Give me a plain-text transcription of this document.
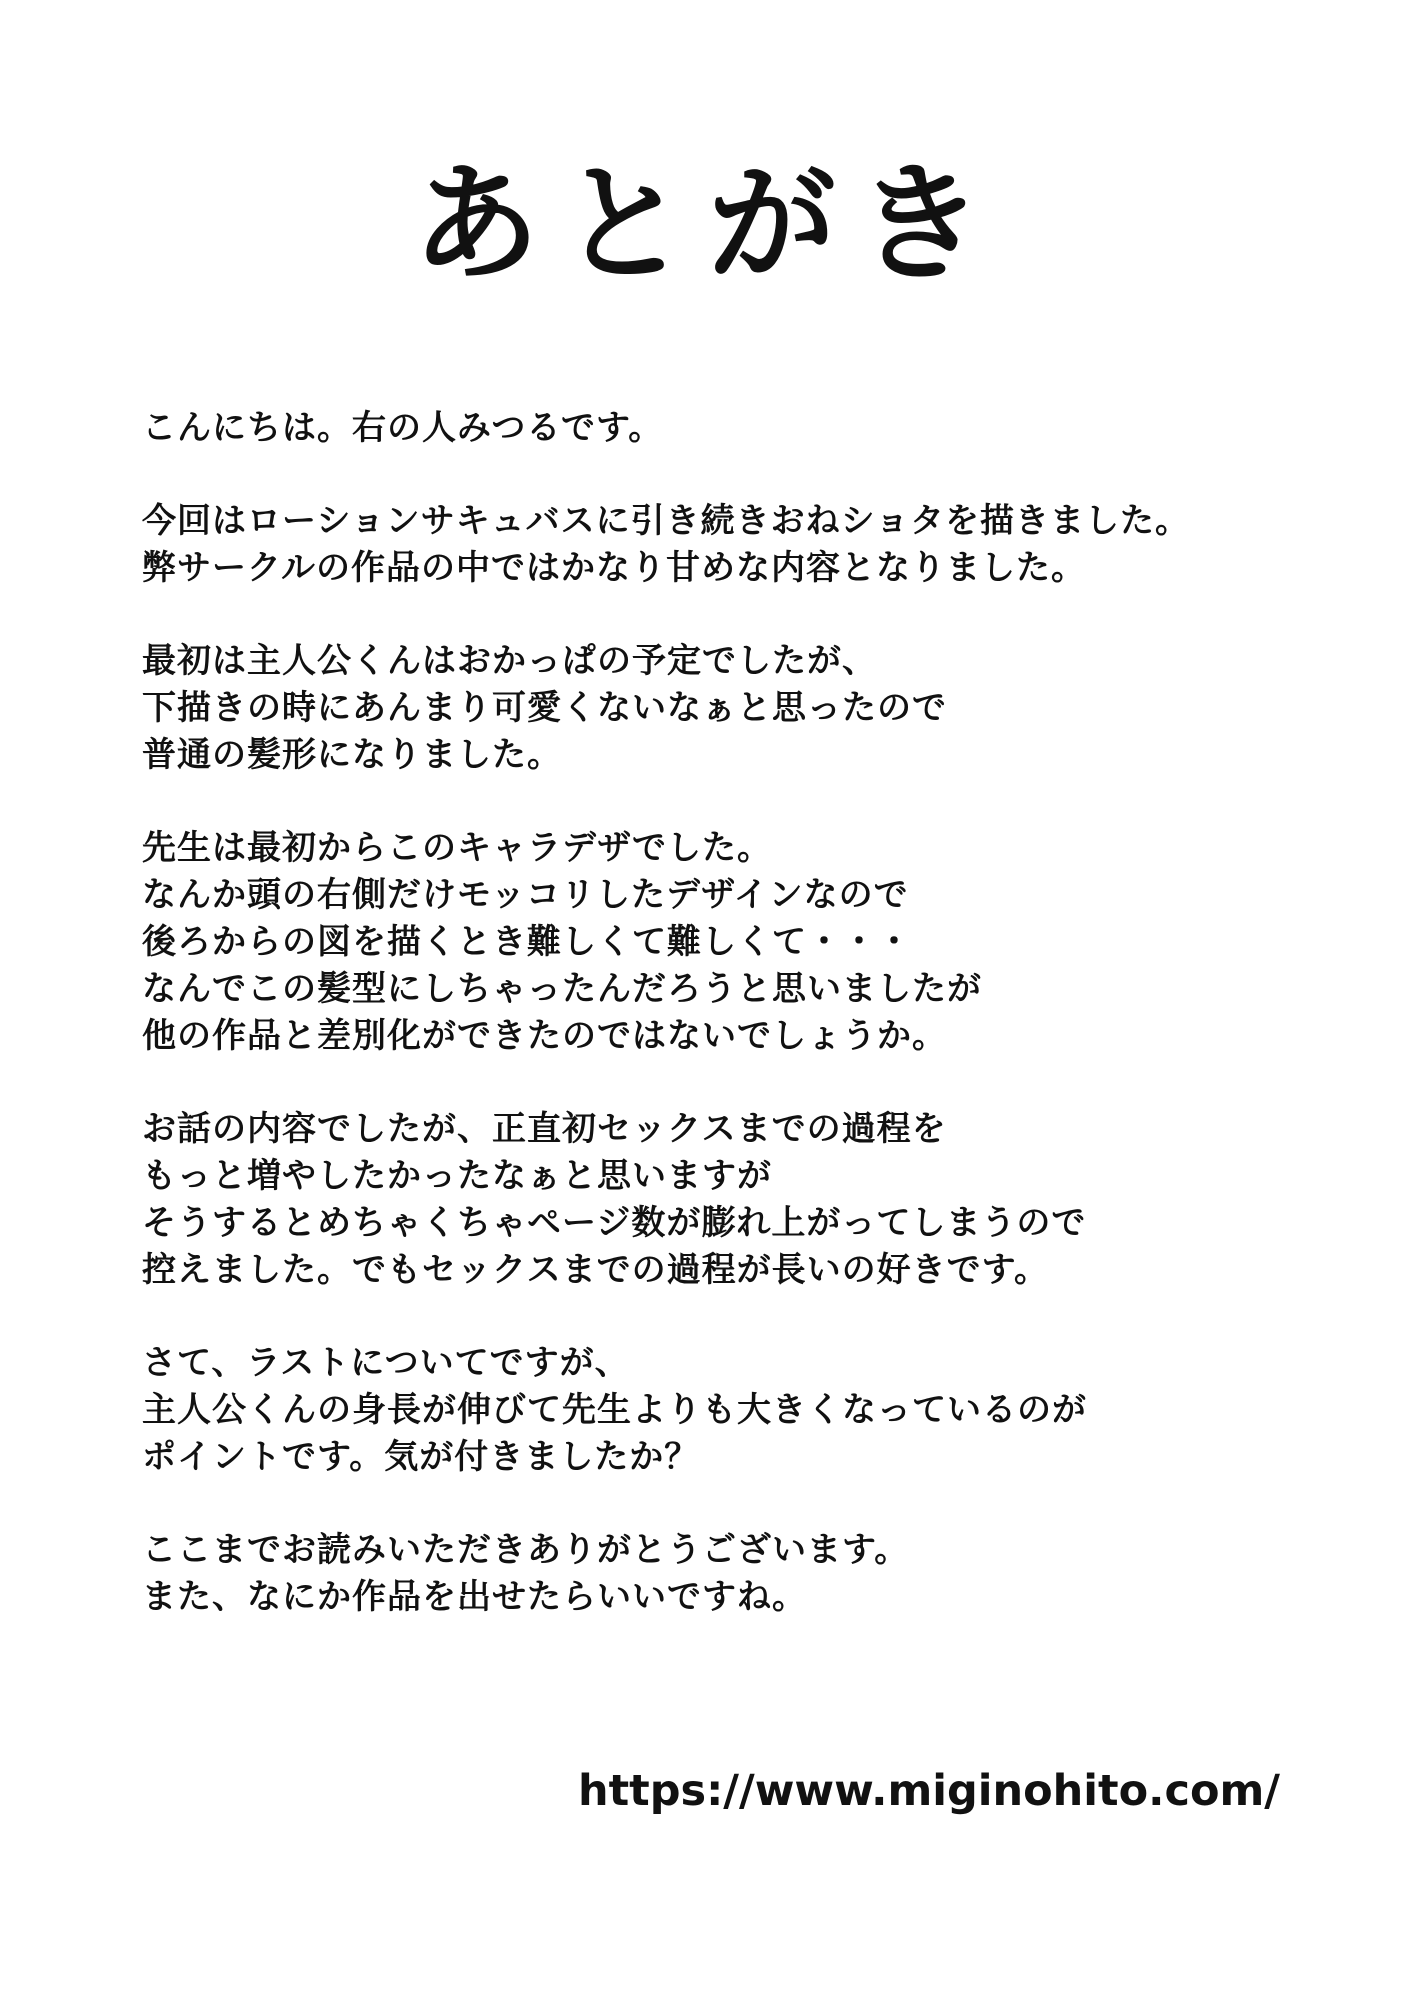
あとがき

こんにちは。右の人みつるです。

今回はローションサキュバスに引き続きおねショタを描きました。
弊サークルの作品の中ではかなり甘めな内容となりました。

最初は主人公くんはおかっぱの予定でしたが、
下描きの時にあんまり可愛くないなぁと思ったので
普通の髪形になりました。

先生は最初からこのキャラデザでした。
なんか頭の右側だけモッコリしたデザインなので
後ろからの図を描くとき難しくて難しくて・・・
なんでこの髪型にしちゃったんだろうと思いましたが
他の作品と差別化ができたのではないでしょうか。

お話の内容でしたが、正直初セックスまでの過程を
もっと増やしたかったなぁと思いますが
そうするとめちゃくちゃページ数が膨れ上がってしまうので
控えました。でもセックスまでの過程が長いの好きです。

さて、ラストについてですが、
主人公くんの身長が伸びて先生よりも大きくなっているのが
ポイントです。気が付きましたか？

ここまでお読みいただきありがとうございます。
また、なにか作品を出せたらいいですね。

https://www.miginohito.com/
